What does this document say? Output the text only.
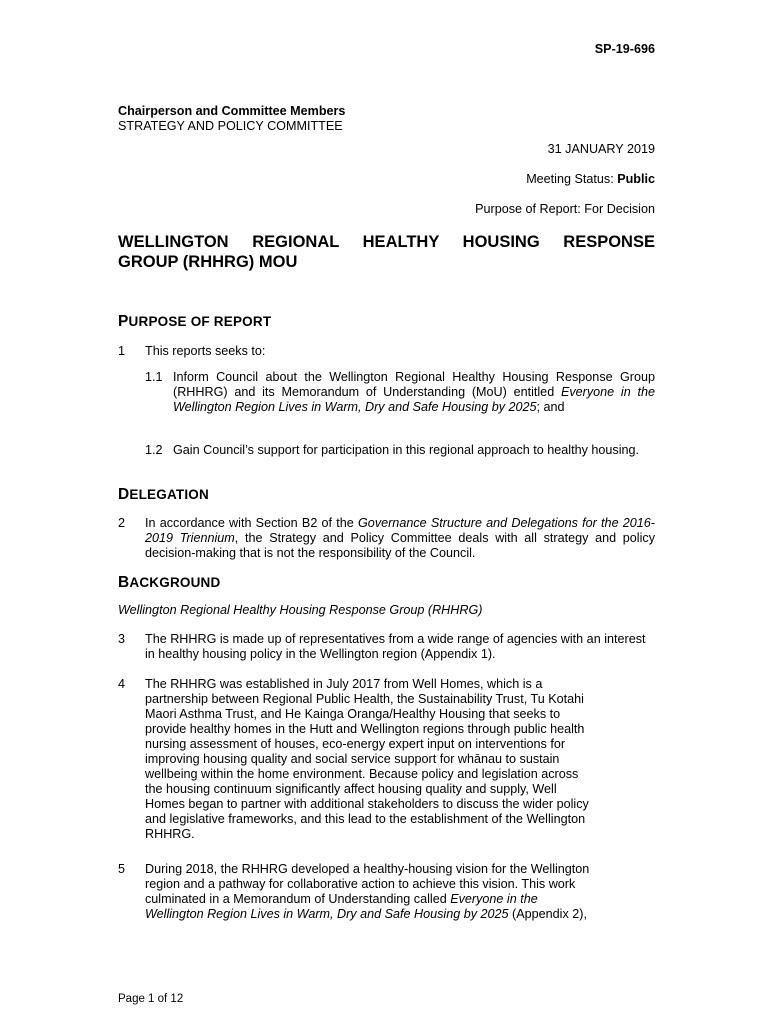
SP-19-696
Chairperson and Committee Members
STRATEGY AND POLICY COMMITTEE
31 JANUARY 2019
Meeting Status: Public
Purpose of Report: For Decision
WELLINGTON REGIONAL HEALTHY HOUSING RESPONSE
GROUP (RHHRG) MOU
PURPOSE OF REPORT
1 This reports seeks to:
1.1 Inform Council about the Wellington Regional Healthy Housing Response Group (RHHRG) and its Memorandum of Understanding (MoU) entitled Everyone in the Wellington Region Lives in Warm, Dry and Safe Housing by 2025; and
1.2 Gain Council’s support for participation in this regional approach to healthy housing.
DELEGATION
2 In accordance with Section B2 of the Governance Structure and Delegations for the 2016-2019 Triennium, the Strategy and Policy Committee deals with all strategy and policy decision-making that is not the responsibility of the Council.
BACKGROUND
Wellington Regional Healthy Housing Response Group (RHHRG)
3 The RHHRG is made up of representatives from a wide range of agencies with an interest in healthy housing policy in the Wellington region (Appendix 1).
4 The RHHRG was established in July 2017 from Well Homes, which is a
partnership between Regional Public Health, the Sustainability Trust, Tu Kotahi
Maori Asthma Trust, and He Kainga Oranga/Healthy Housing that seeks to
provide healthy homes in the Hutt and Wellington regions through public health
nursing assessment of houses, eco-energy expert input on interventions for
improving housing quality and social service support for whānau to sustain
wellbeing within the home environment. Because policy and legislation across
the housing continuum significantly affect housing quality and supply, Well
Homes began to partner with additional stakeholders to discuss the wider policy
and legislative frameworks, and this lead to the establishment of the Wellington
RHHRG.
5 During 2018, the RHHRG developed a healthy-housing vision for the Wellington
region and a pathway for collaborative action to achieve this vision. This work
culminated in a Memorandum of Understanding called Everyone in the
Wellington Region Lives in Warm, Dry and Safe Housing by 2025 (Appendix 2),
Page 1 of 12
